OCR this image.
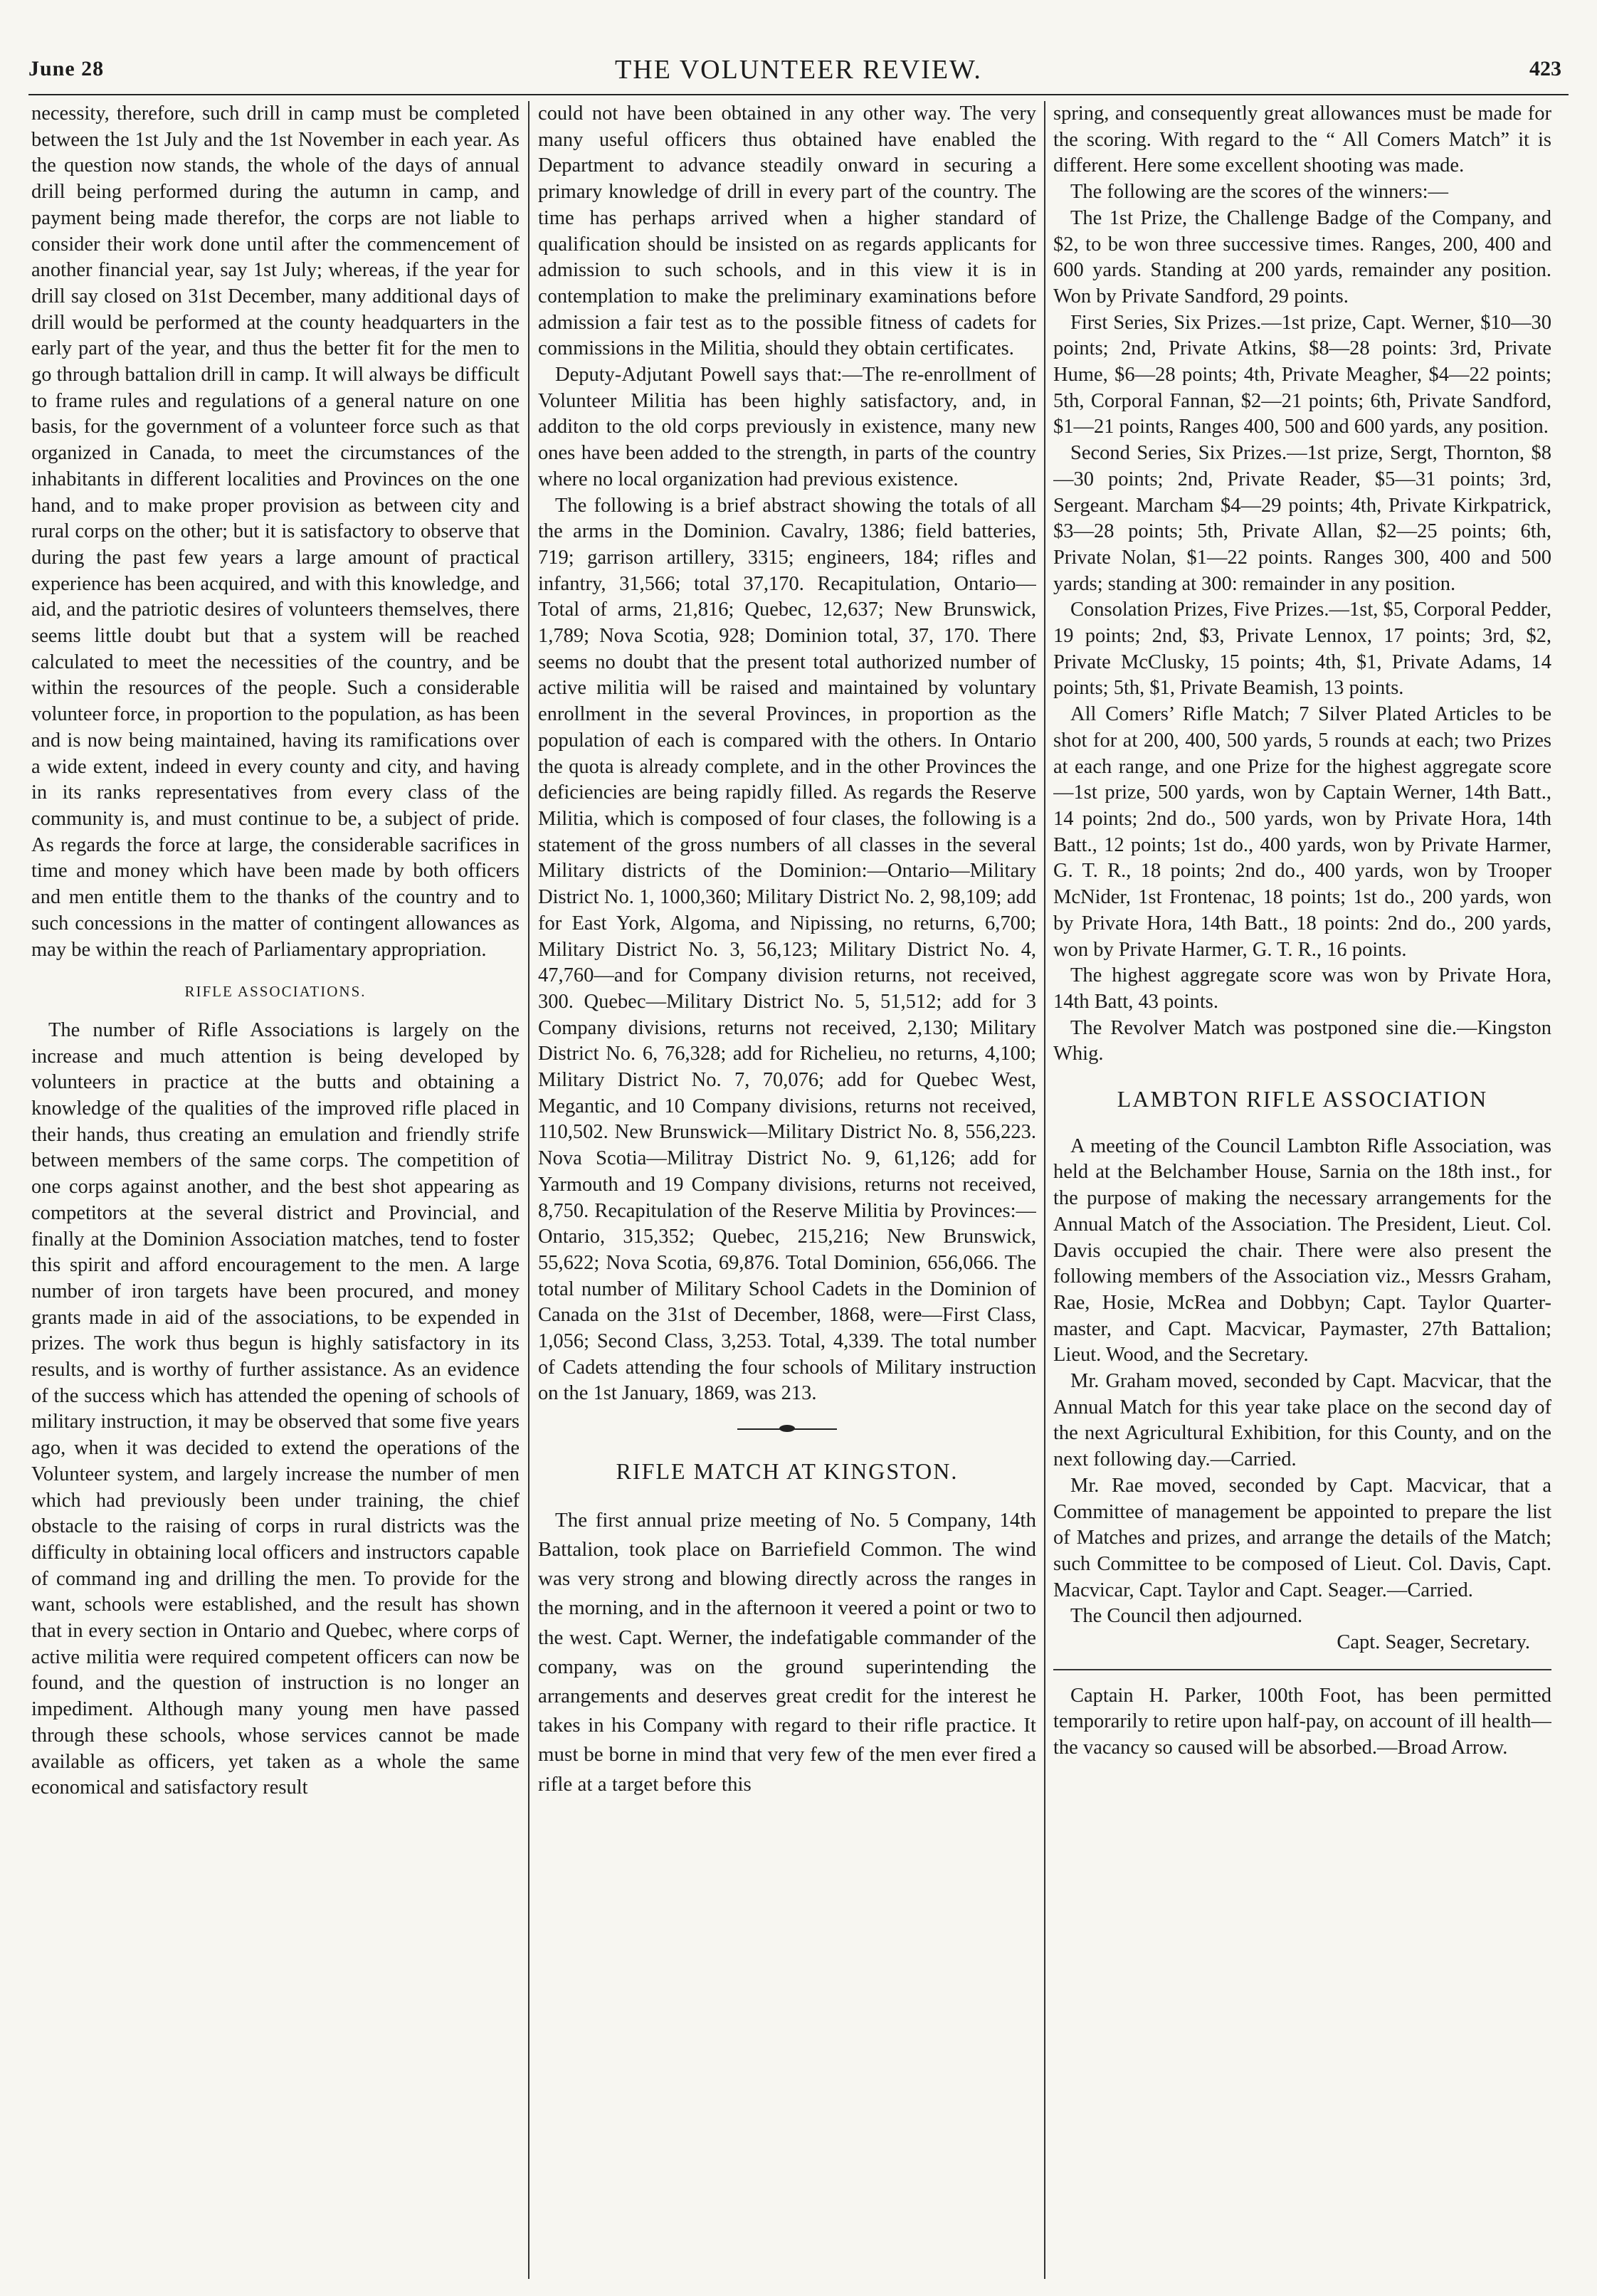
June 28	THE VOLUNTEER REVIEW.	423

necessity, therefore, such drill in camp must be completed between the 1st July and the 1st November in each year. As the question now stands, the whole of the days of annual drill being performed during the autumn in camp, and payment being made therefor, the corps are not liable to consider their work done until after the commencement of another financial year, say 1st July; whereas, if the year for drill say closed on 31st December, many additional days of drill would be performed at the county headquarters in the early part of the year, and thus the better fit for the men to go through battalion drill in camp. It will always be difficult to frame rules and regulations of a general nature on one basis, for the government of a volunteer force such as that organized in Canada, to meet the circumstances of the inhabitants in different localities and Provinces on the one hand, and to make proper provision as between city and rural corps on the other; but it is satisfactory to observe that during the past few years a large amount of practical experience has been acquired, and with this knowledge, and aid, and the patriotic desires of volunteers themselves, there seems little doubt but that a system will be reached calculated to meet the necessities of the country, and be within the resources of the people. Such a considerable volunteer force, in proportion to the population, as has been and is now being maintained, having its ramifications over a wide extent, indeed in every county and city, and having in its ranks representatives from every class of the community is, and must continue to be, a subject of pride. As regards the force at large, the considerable sacrifices in time and money which have been made by both officers and men entitle them to the thanks of the country and to such concessions in the matter of contingent allowances as may be within the reach of Parliamentary appropriation.

RIFLE ASSOCIATIONS.

The number of Rifle Associations is largely on the increase and much attention is being developed by volunteers in practice at the butts and obtaining a knowledge of the qualities of the improved rifle placed in their hands, thus creating an emulation and friendly strife between members of the same corps. The competition of one corps against another, and the best shot appearing as competitors at the several district and Provincial, and finally at the Dominion Association matches, tend to foster this spirit and afford encouragement to the men. A large number of iron targets have been procured, and money grants made in aid of the associations, to be expended in prizes. The work thus begun is highly satisfactory in its results, and is worthy of further assistance. As an evidence of the success which has attended the opening of schools of military instruction, it may be observed that some five years ago, when it was decided to extend the operations of the Volunteer system, and largely increase the number of men which had previously been under training, the chief obstacle to the raising of corps in rural districts was the difficulty in obtaining local officers and instructors capable of command ing and drilling the men. To provide for the want, schools were established, and the result has shown that in every section in Ontario and Quebec, where corps of active militia were required competent officers can now be found, and the question of instruction is no longer an impediment. Although many young men have passed through these schools, whose services cannot be made available as officers, yet taken as a whole the same economical and satisfactory result

could not have been obtained in any other way. The very many useful officers thus obtained have enabled the Department to advance steadily onward in securing a primary knowledge of drill in every part of the country. The time has perhaps arrived when a higher standard of qualification should be insisted on as regards applicants for admission to such schools, and in this view it is in contemplation to make the preliminary examinations before admission a fair test as to the possible fitness of cadets for commissions in the Militia, should they obtain certificates.

Deputy-Adjutant Powell says that:—The re-enrollment of Volunteer Militia has been highly satisfactory, and, in additon to the old corps previously in existence, many new ones have been added to the strength, in parts of the country where no local organization had previous existence.

The following is a brief abstract showing the totals of all the arms in the Dominion. Cavalry, 1386; field batteries, 719; garrison artillery, 3315; engineers, 184; rifles and infantry, 31,566; total 37,170. Recapitulation, Ontario—Total of arms, 21,816; Quebec, 12,637; New Brunswick, 1,789; Nova Scotia, 928; Dominion total, 37, 170. There seems no doubt that the present total authorized number of active militia will be raised and maintained by voluntary enrollment in the several Provinces, in proportion as the population of each is compared with the others. In Ontario the quota is already complete, and in the other Provinces the deficiencies are being rapidly filled. As regards the Reserve Militia, which is composed of four clases, the following is a statement of the gross numbers of all classes in the several Military districts of the Dominion:—Ontario—Military District No. 1, 1000,360; Military District No. 2, 98,109; add for East York, Algoma, and Nipissing, no returns, 6,700; Military District No. 3, 56,123; Military District No. 4, 47,760—and for Company division returns, not received, 300. Quebec—Military District No. 5, 51,512; add for 3 Company divisions, returns not received, 2,130; Military District No. 6, 76,328; add for Richelieu, no returns, 4,100; Military District No. 7, 70,076; add for Quebec West, Megantic, and 10 Company divisions, returns not received, 110,502. New Brunswick—Military District No. 8, 556,223. Nova Scotia—Militray District No. 9, 61,126; add for Yarmouth and 19 Company divisions, returns not received, 8,750. Recapitulation of the Reserve Militia by Provinces:—Ontario, 315,352; Quebec, 215,216; New Brunswick, 55,622; Nova Scotia, 69,876. Total Dominion, 656,066. The total number of Military School Cadets in the Dominion of Canada on the 31st of December, 1868, were—First Class, 1,056; Second Class, 3,253. Total, 4,339. The total number of Cadets attending the four schools of Military instruction on the 1st January, 1869, was 213.

RIFLE MATCH AT KINGSTON.

The first annual prize meeting of No. 5 Company, 14th Battalion, took place on Barriefield Common. The wind was very strong and blowing directly across the ranges in the morning, and in the afternoon it veered a point or two to the west. Capt. Werner, the indefatigable commander of the company, was on the ground superintending the arrangements and deserves great credit for the interest he takes in his Company with regard to their rifle practice. It must be borne in mind that very few of the men ever fired a rifle at a target before this

spring, and consequently great allowances must be made for the scoring. With regard to the “ All Comers Match” it is different. Here some excellent shooting was made.

The following are the scores of the winners:—

The 1st Prize, the Challenge Badge of the Company, and $2, to be won three successive times. Ranges, 200, 400 and 600 yards. Standing at 200 yards, remainder any position. Won by Private Sandford, 29 points.

First Series, Six Prizes.—1st prize, Capt. Werner, $10—30 points; 2nd, Private Atkins, $8—28 points: 3rd, Private Hume, $6—28 points; 4th, Private Meagher, $4—22 points; 5th, Corporal Fannan, $2—21 points; 6th, Private Sandford, $1—21 points, Ranges 400, 500 and 600 yards, any position.

Second Series, Six Prizes.—1st prize, Sergt, Thornton, $8—30 points; 2nd, Private Reader, $5—31 points; 3rd, Sergeant. Marcham $4—29 points; 4th, Private Kirkpatrick, $3—28 points; 5th, Private Allan, $2—25 points; 6th, Private Nolan, $1—22 points. Ranges 300, 400 and 500 yards; standing at 300: remainder in any position.

Consolation Prizes, Five Prizes.—1st, $5, Corporal Pedder, 19 points; 2nd, $3, Private Lennox, 17 points; 3rd, $2, Private McClusky, 15 points; 4th, $1, Private Adams, 14 points; 5th, $1, Private Beamish, 13 points.

All Comers’ Rifle Match; 7 Silver Plated Articles to be shot for at 200, 400, 500 yards, 5 rounds at each; two Prizes at each range, and one Prize for the highest aggregate score—1st prize, 500 yards, won by Captain Werner, 14th Batt., 14 points; 2nd do., 500 yards, won by Private Hora, 14th Batt., 12 points; 1st do., 400 yards, won by Private Harmer, G. T. R., 18 points; 2nd do., 400 yards, won by Trooper McNider, 1st Frontenac, 18 points; 1st do., 200 yards, won by Private Hora, 14th Batt., 18 points: 2nd do., 200 yards, won by Private Harmer, G. T. R., 16 points.

The highest aggregate score was won by Private Hora, 14th Batt, 43 points.

The Revolver Match was postponed sine die.—Kingston Whig.

LAMBTON RIFLE ASSOCIATION

A meeting of the Council Lambton Rifle Association, was held at the Belchamber House, Sarnia on the 18th inst., for the purpose of making the necessary arrangements for the Annual Match of the Association. The President, Lieut. Col. Davis occupied the chair. There were also present the following members of the Association viz., Messrs Graham, Rae, Hosie, McRea and Dobbyn; Capt. Taylor Quarter-master, and Capt. Macvicar, Paymaster, 27th Battalion; Lieut. Wood, and the Secretary.

Mr. Graham moved, seconded by Capt. Macvicar, that the Annual Match for this year take place on the second day of the next Agricultural Exhibition, for this County, and on the next following day.—Carried.

Mr. Rae moved, seconded by Capt. Macvicar, that a Committee of management be appointed to prepare the list of Matches and prizes, and arrange the details of the Match; such Committee to be composed of Lieut. Col. Davis, Capt. Macvicar, Capt. Taylor and Capt. Seager.—Carried.

The Council then adjourned.

Capt. Seager, Secretary.

Captain H. Parker, 100th Foot, has been permitted temporarily to retire upon half-pay, on account of ill health—the vacancy so caused will be absorbed.—Broad Arrow.
